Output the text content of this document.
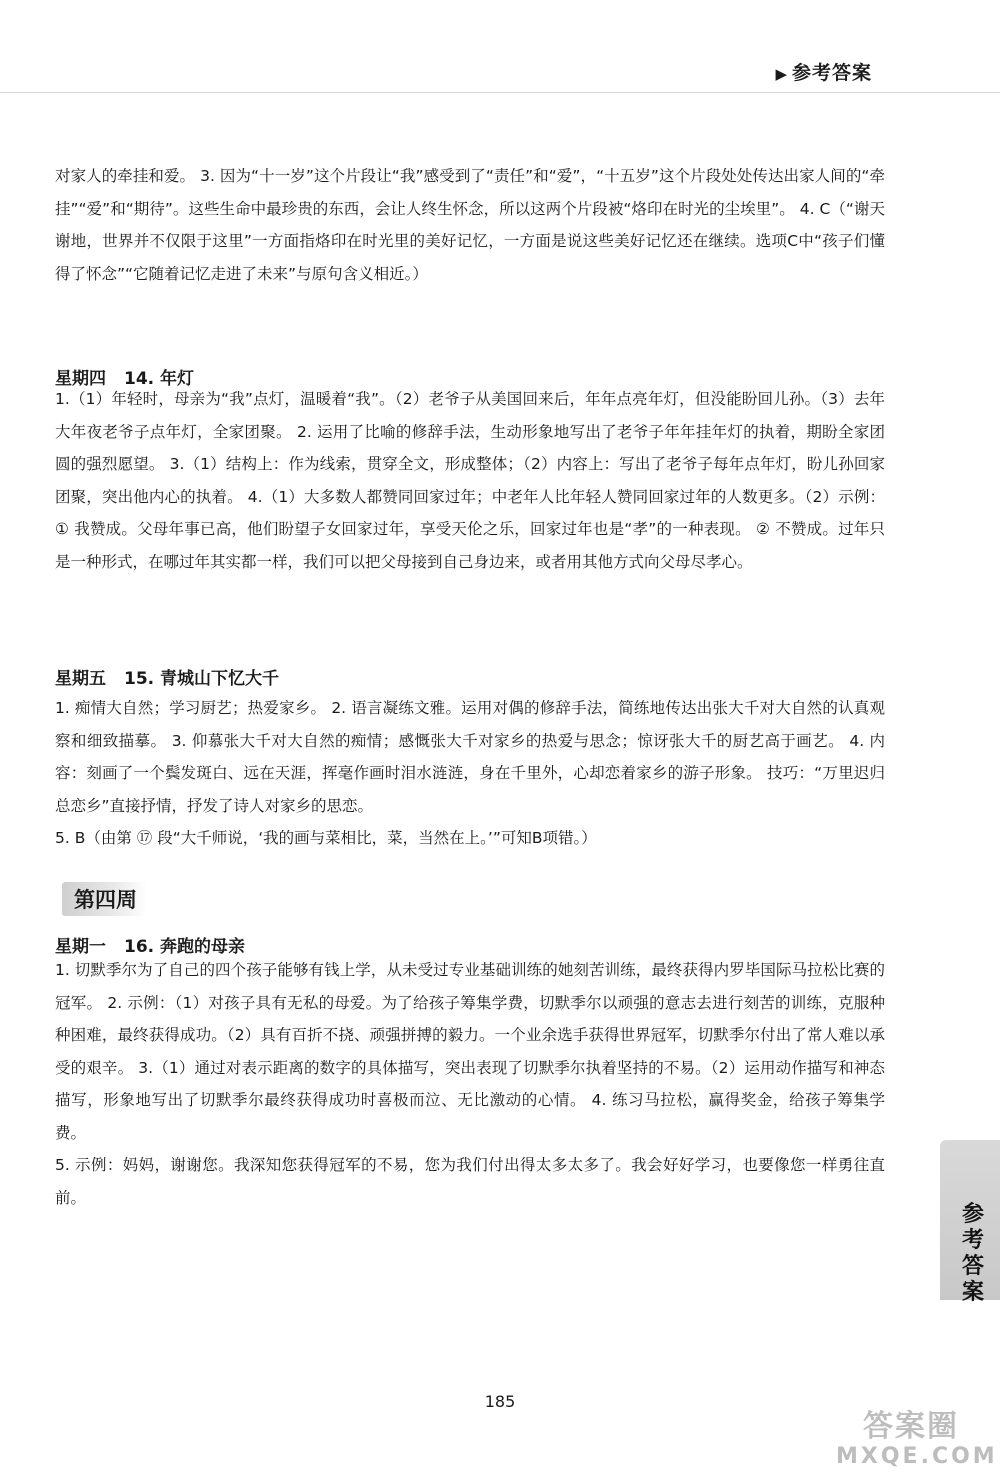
▶ 参考答案

对家人的牵挂和爱。 3. 因为“十一岁”这个片段让“我”感受到了“责任”和“爱”，“十五岁”这个片段处处传达出家人间的“牵挂”“爱”和“期待”。这些生命中最珍贵的东西，会让人终生怀念，所以这两个片段被“烙印在时光的尘埃里”。 4. C（“谢天谢地，世界并不仅限于这里”一方面指烙印在时光里的美好记忆，一方面是说这些美好记忆还在继续。选项C中“孩子们懂得了怀念”“它随着记忆走进了未来”与原句含义相近。）

星期四 14. 年灯

1.（1）年轻时，母亲为“我”点灯，温暖着“我”。（2）老爷子从美国回来后，年年点亮年灯，但没能盼回儿孙。（3）去年大年夜老爷子点年灯，全家团聚。 2. 运用了比喻的修辞手法，生动形象地写出了老爷子年年挂年灯的执着，期盼全家团圆的强烈愿望。 3.（1）结构上：作为线索，贯穿全文，形成整体；（2）内容上：写出了老爷子每年点年灯，盼儿孙回家团聚，突出他内心的执着。 4.（1）大多数人都赞同回家过年；中老年人比年轻人赞同回家过年的人数更多。（2）示例：① 我赞成。父母年事已高，他们盼望子女回家过年，享受天伦之乐，回家过年也是“孝”的一种表现。 ② 不赞成。过年只是一种形式，在哪过年其实都一样，我们可以把父母接到自己身边来，或者用其他方式向父母尽孝心。

星期五 15. 青城山下忆大千

1. 痴情大自然；学习厨艺；热爱家乡。 2. 语言凝练文雅。运用对偶的修辞手法，简练地传达出张大千对大自然的认真观察和细致描摹。 3. 仰慕张大千对大自然的痴情；感慨张大千对家乡的热爱与思念；惊讶张大千的厨艺高于画艺。 4. 内容：刻画了一个鬓发斑白、远在天涯，挥毫作画时泪水涟涟，身在千里外，心却恋着家乡的游子形象。 技巧：“万里迟归总恋乡”直接抒情，抒发了诗人对家乡的思恋。

5. B（由第 ⑰ 段“大千师说，‘我的画与菜相比，菜，当然在上。’”可知B项错。）

第四周
星期一 16. 奔跑的母亲

1. 切默季尔为了自己的四个孩子能够有钱上学，从未受过专业基础训练的她刻苦训练，最终获得内罗毕国际马拉松比赛的冠军。 2. 示例：（1）对孩子具有无私的母爱。为了给孩子筹集学费，切默季尔以顽强的意志去进行刻苦的训练，克服种种困难，最终获得成功。（2）具有百折不挠、顽强拼搏的毅力。一个业余选手获得世界冠军，切默季尔付出了常人难以承受的艰辛。 3.（1）通过对表示距离的数字的具体描写，突出表现了切默季尔执着坚持的不易。（2）运用动作描写和神态描写，形象地写出了切默季尔最终获得成功时喜极而泣、无比激动的心情。 4. 练习马拉松，赢得奖金，给孩子筹集学费。

5. 示例：妈妈，谢谢您。我深知您获得冠军的不易，您为我们付出得太多太多了。我会好好学习，也要像您一样勇往直前。

参考答案
185
答案圈
MXQE.COM
